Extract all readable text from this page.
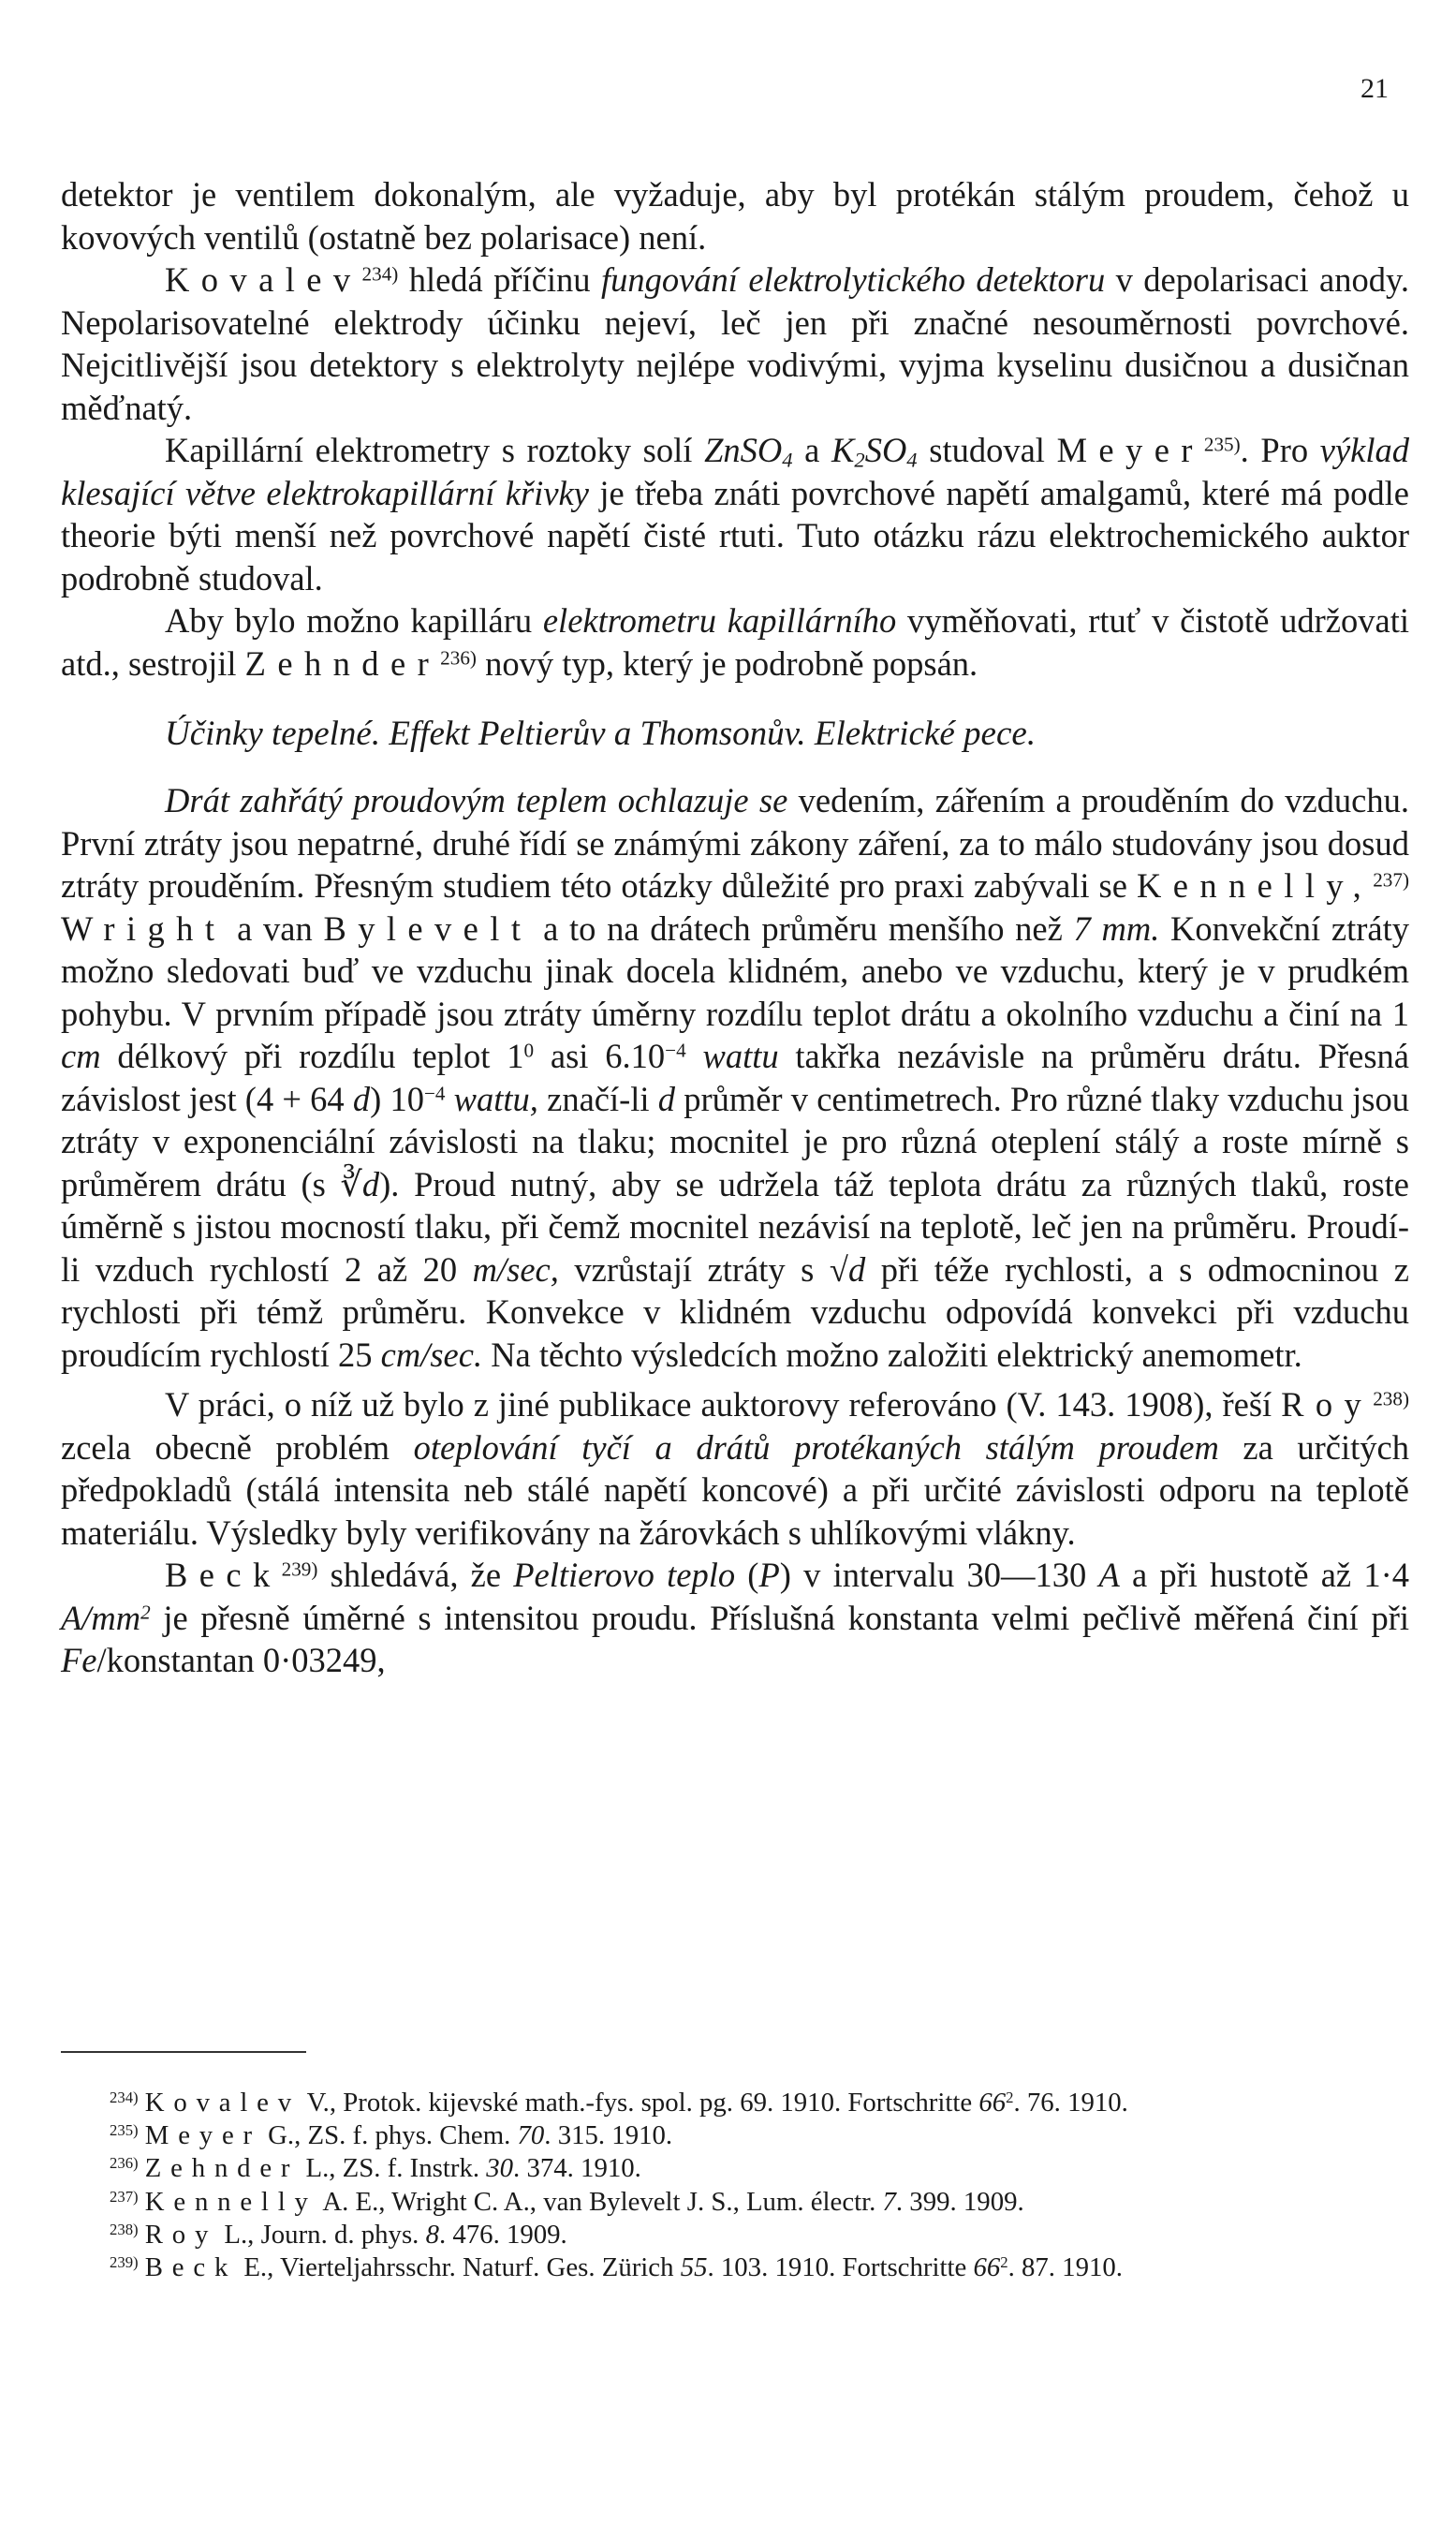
21

detektor je ventilem dokonalým, ale vyžaduje, aby byl protékán stálým proudem, čehož u kovových ventilů (ostatně bez polarisace) není.

Kovalev$^{234)}$ hledá příčinu fungování elektrolytického detektoru v depolarisaci anody. Nepolarisovatelné elektrody účinku nejeví, leč jen při značné nesouměrnosti povrchové. Nejcitlivější jsou detektory s elektrolyty nejlépe vodivými, vyjma kyselinu dusičnou a dusičnan měďnatý.

Kapillární elektrometry s roztoky solí ZnSO$_4$ a $K_2SO_4$ studoval Meyer$^{235)}$. Pro výklad klesající větve elektrokapillární křivky je třeba znáti povrchové napětí amalgamů, které má podle theorie býti menší než povrchové napětí čisté rtuti. Tuto otázku rázu elektrochemického auktor podrobně studoval.

Aby bylo možno kapilláru elektrometru kapillárního vyměňovati, rtuť v čistotě udržovati atd., sestrojil Zehnder$^{236)}$ nový typ, který je podrobně popsán.

Účinky tepelné. Effekt Peltierův a Thomsonův. Elektrické pece.

Drát zahřátý proudovým teplem ochlazuje se vedením, zářením a prouděním do vzduchu. První ztráty jsou nepatrné, druhé řídí se známými zákony záření, za to málo studovány jsou dosud ztráty prouděním. Přesným studiem této otázky důležité pro praxi zabývali se Kennelly,$^{237)}$ Wright a van Bylevelt a to na drátech průměru menšího než 7 mm. Konvekční ztráty možno sledovati buď ve vzduchu jinak docela klidném, anebo ve vzduchu, který je v prudkém pohybu. V prvním případě jsou ztráty úměrny rozdílu teplot drátu a okolního vzduchu a činí na 1 cm délkový při rozdílu teplot $1^0$ asi $6.10^{-4}$ wattu takřka nezávisle na průměru drátu. Přesná závislost jest (4 + 64 d) $10^{-4}$ wattu, značí-li d průměr v centimetrech. Pro různé tlaky vzduchu jsou ztráty v exponenciální závislosti na tlaku; mocnitel je pro různá oteplení stálý a roste mírně s průměrem drátu (s ∛d). Proud nutný, aby se udržela táž teplota drátu za různých tlaků, roste úměrně s jistou mocností tlaku, při čemž mocnitel nezávisí na teplotě, leč jen na průměru. Proudí-li vzduch rychlostí 2 až 20 m/sec, vzrůstají ztráty s √d při téže rychlosti, a s odmocninou z rychlosti při témž průměru. Konvekce v klidném vzduchu odpovídá konvekci při vzduchu proudícím rychlostí 25 cm/sec. Na těchto výsledcích možno založiti elektrický anemometr.

V práci, o níž už bylo z jiné publikace auktorovy referováno (V. 143. 1908), řeší Roy$^{238)}$ zcela obecně problém oteplování tyčí a drátů protékaných stálým proudem za určitých předpokladů (stálá intensita neb stálé napětí koncové) a při určité závislosti odporu na teplotě materiálu. Výsledky byly verifikovány na žárovkách s uhlíkovými vlákny.

Beck$^{239)}$ shledává, že Peltierovo teplo (P) v intervalu 30—130 A a při hustotě až 1·4 $A/mm^2$ je přesně úměrné s intensitou proudu. Příslušná konstanta velmi pečlivě měřená činí při Fe/konstantan 0·03249,

$^{234)}$ Kovalev V., Protok. kijevské math.-fys. spol. pg. 69. 1910. Fortschritte $66^2$. 76. 1910.

$^{235)}$ Meyer G., ZS. f. phys. Chem. 70. 315. 1910.

$^{236)}$ Zehnder L., ZS. f. Instrk. 30. 374. 1910.

$^{237)}$ Kennelly A. E., Wright C. A., van Bylevelt J. S., Lum. électr. 7. 399. 1909.

$^{238)}$ Roy L., Journ. d. phys. 8. 476. 1909.

$^{239)}$ Beck E., Vierteljahrsschr. Naturf. Ges. Zürich 55. 103. 1910. Fortschritte $66^2$. 87. 1910.
